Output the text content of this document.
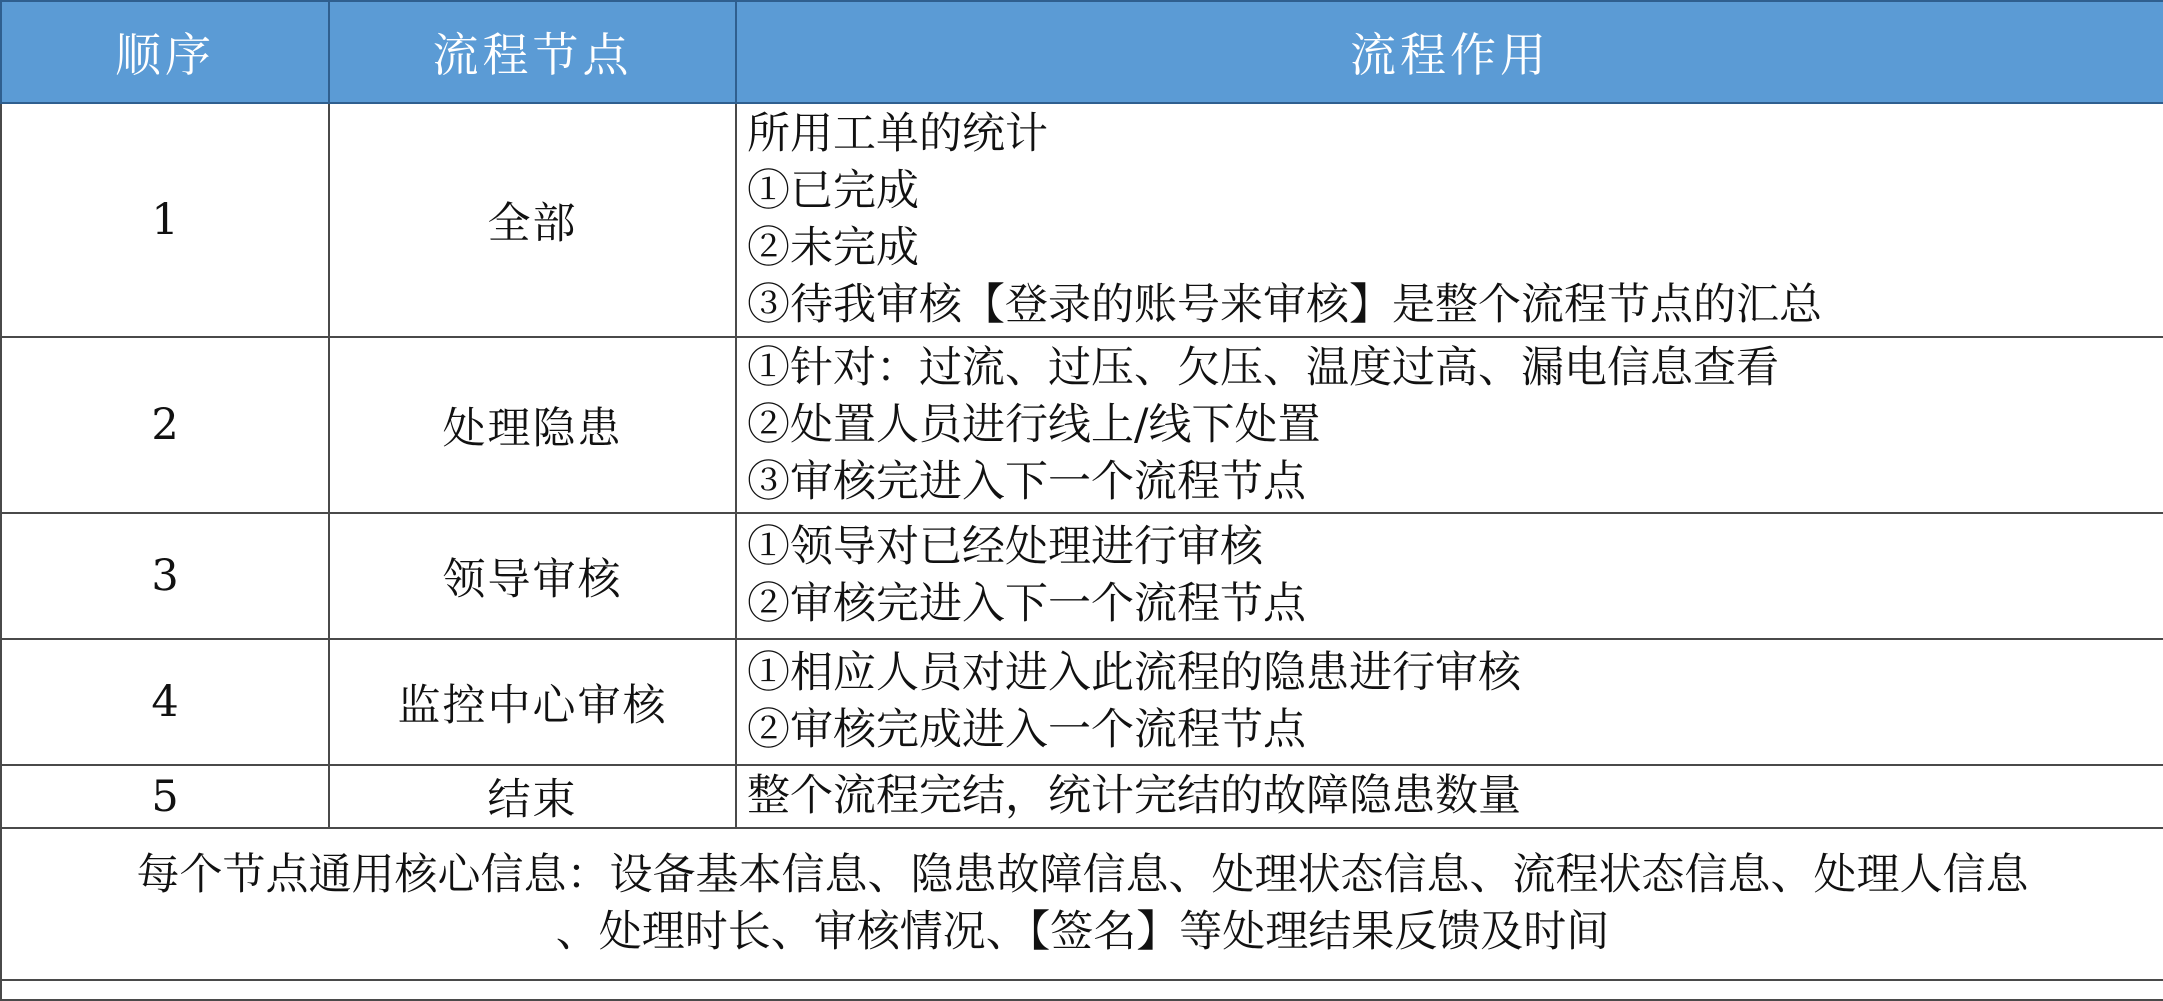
顺序	流程节点	流程作用
1	全部	所用工单的统计
①已完成
②未完成
③待我审核【登录的账号来审核】是整个流程节点的汇总

2	处理隐患	①针对：过流、过压、欠压、温度过高、漏电信息查看
②处置人员进行线上/线下处置
③审核完进入下一个流程节点

3	领导审核	①领导对已经处理进行审核
②审核完进入下一个流程节点

4	监控中心审核	①相应人员对进入此流程的隐患进行审核
②审核完成进入一个流程节点

5	结束	整个流程完结，统计完结的故障隐患数量

每个节点通用核心信息：设备基本信息、隐患故障信息、处理状态信息、流程状态信息、处理人信息
、处理时长、审核情况、【签名】等处理结果反馈及时间		
